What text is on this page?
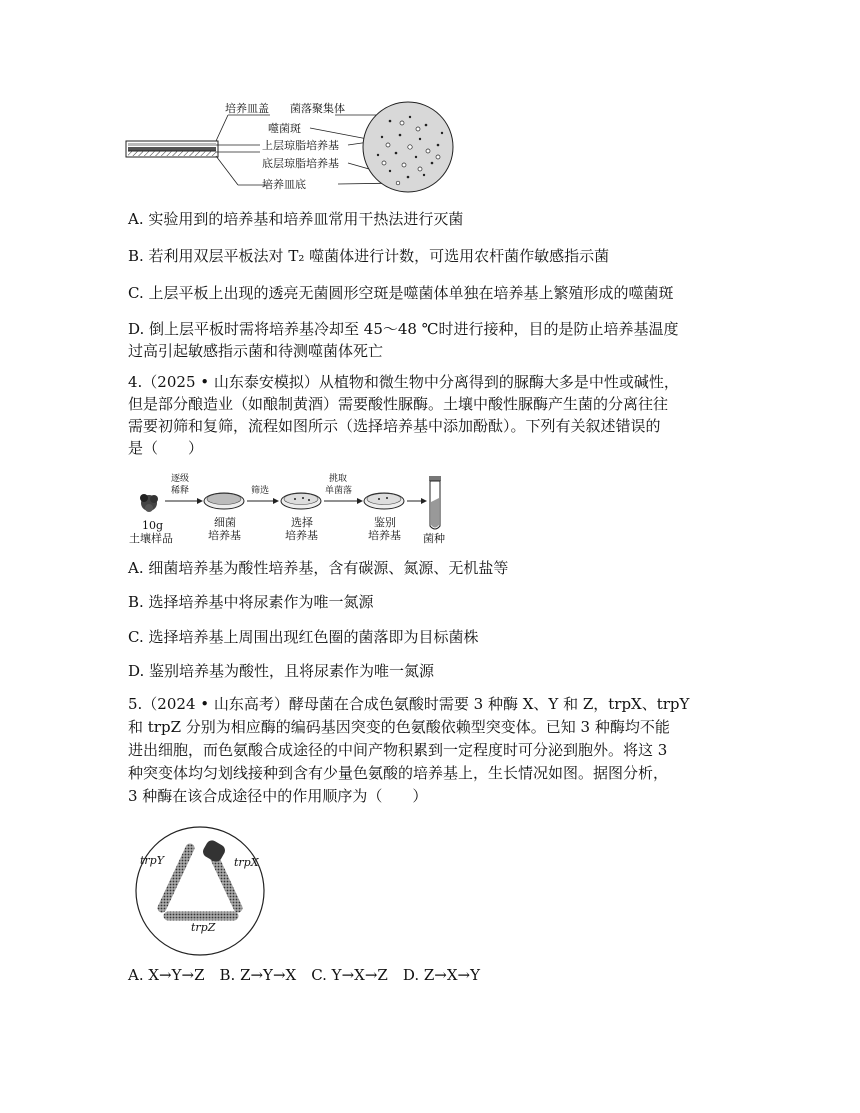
培养皿盖 菌落聚集体
噬菌斑
上层琼脂培养基
底层琼脂培养基
培养皿底
A. 实验用到的培养基和培养皿常用干热法进行灭菌
B. 若利用双层平板法对 T₂ 噬菌体进行计数，可选用农杆菌作敏感指示菌
C. 上层平板上出现的透亮无菌圆形空斑是噬菌体单独在培养基上繁殖形成的噬菌斑
D. 倒上层平板时需将培养基冷却至 45～48 ℃时进行接种，目的是防止培养基温度
过高引起敏感指示菌和待测噬菌体死亡
4.（2025 • 山东泰安模拟）从植物和微生物中分离得到的脲酶大多是中性或碱性，
但是部分酿造业（如酿制黄酒）需要酸性脲酶。土壤中酸性脲酶产生菌的分离往往
需要初筛和复筛，流程如图所示（选择培养基中添加酚酞）。下列有关叙述错误的
是（　　）
10g
土壤样品
逐级
稀释
细菌
培养基
筛选
选择
培养基
挑取
单菌落
鉴别
培养基 菌种
A. 细菌培养基为酸性培养基，含有碳源、氮源、无机盐等
B. 选择培养基中将尿素作为唯一氮源
C. 选择培养基上周围出现红色圈的菌落即为目标菌株
D. 鉴别培养基为酸性，且将尿素作为唯一氮源
5.（2024 • 山东高考）酵母菌在合成色氨酸时需要 3 种酶 X、Y 和 Z，trpX、trpY
和 trpZ 分别为相应酶的编码基因突变的色氨酸依赖型突变体。已知 3 种酶均不能
进出细胞，而色氨酸合成途径的中间产物积累到一定程度时可分泌到胞外。将这 3
种突变体均匀划线接种到含有少量色氨酸的培养基上，生长情况如图。据图分析，
3 种酶在该合成途径中的作用顺序为（　　）
trpY	trpX
trpZ
A. X→Y→Z　B. Z→Y→X　C. Y→X→Z　D. Z→X→Y
